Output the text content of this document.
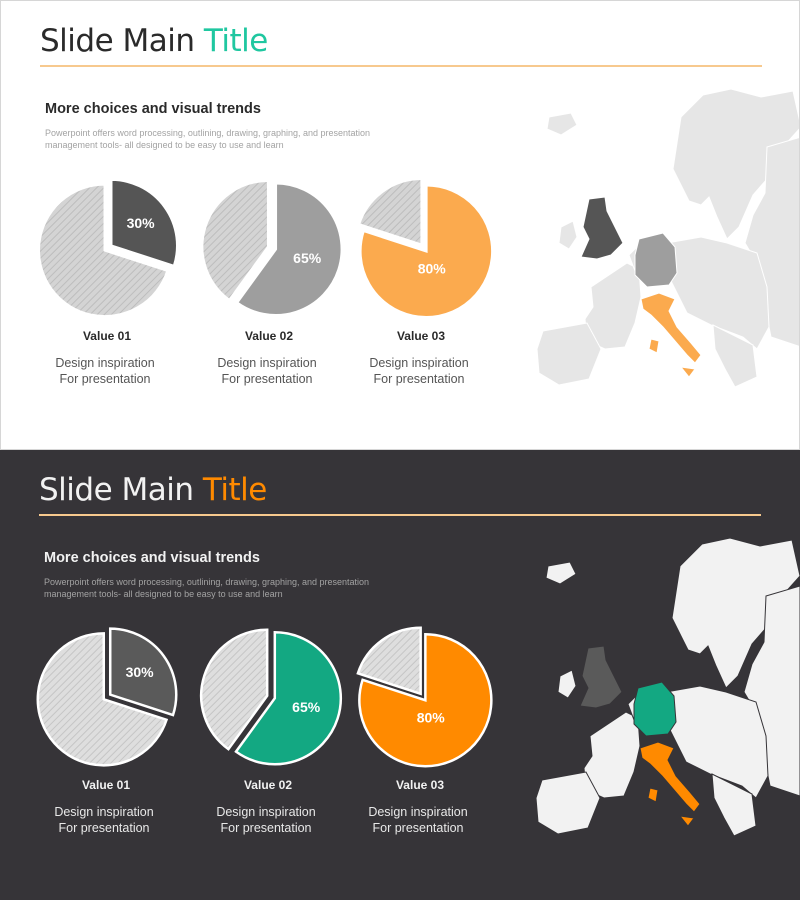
Slide Main Title
More choices and visual trends
Powerpoint offers word processing, outlining, drawing, graphing, and presentation management tools- all designed to be easy to use and learn
30%
65%
80%
Value 01	Value 02	Value 03
Design inspiration
For presentation
Design inspiration
For presentation
Design inspiration
For presentation
Slide Main Title
More choices and visual trends
Powerpoint offers word processing, outlining, drawing, graphing, and presentation management tools- all designed to be easy to use and learn
30%
65%
80%
Value 01	Value 02	Value 03
Design inspiration
For presentation
Design inspiration
For presentation
Design inspiration
For presentation
